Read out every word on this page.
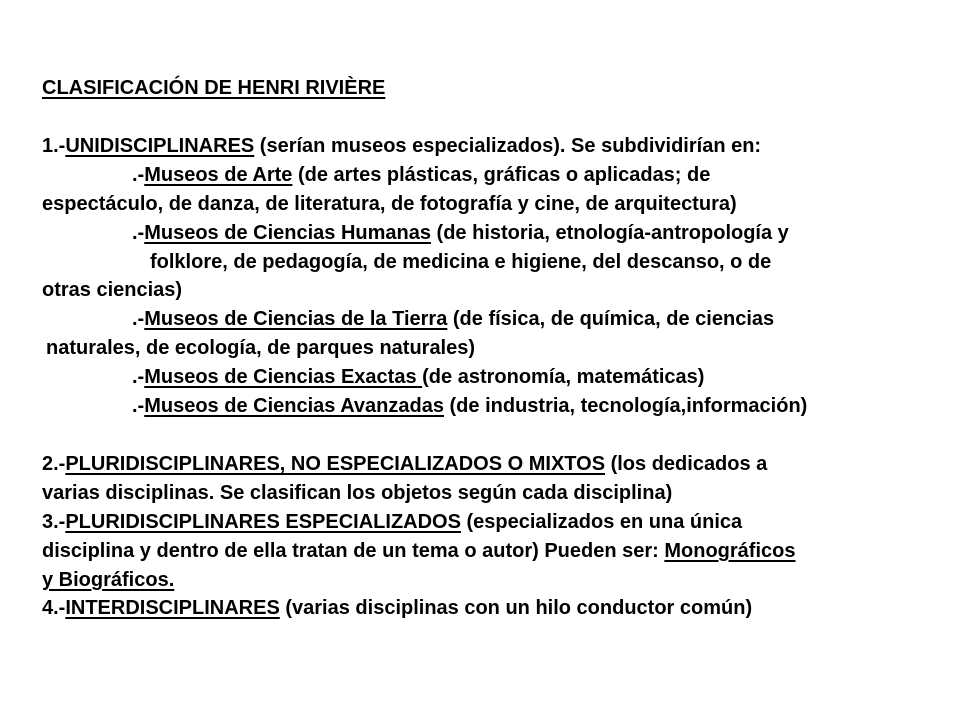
CLASIFICACIÓN DE HENRI RIVIÈRE
1.-UNIDISCIPLINARES (serían museos especializados). Se subdividirían en:
.-Museos de Arte (de artes plásticas, gráficas o aplicadas; de
espectáculo, de danza, de literatura, de fotografía y cine, de arquitectura)
.-Museos de Ciencias Humanas (de historia, etnología-antropología y
folklore, de pedagogía, de medicina e higiene, del descanso, o de
otras ciencias)
.-Museos de Ciencias de la Tierra (de física, de química, de ciencias
naturales, de ecología, de parques naturales)
.-Museos de Ciencias Exactas (de astronomía, matemáticas)
.-Museos de Ciencias Avanzadas (de industria, tecnología,información)
2.-PLURIDISCIPLINARES, NO ESPECIALIZADOS O MIXTOS (los dedicados a
varias disciplinas. Se clasifican los objetos según cada disciplina)
3.-PLURIDISCIPLINARES ESPECIALIZADOS (especializados en una única
disciplina y dentro de ella tratan de un tema o autor) Pueden ser: Monográficos
y Biográficos.
4.-INTERDISCIPLINARES (varias disciplinas con un hilo conductor común)
